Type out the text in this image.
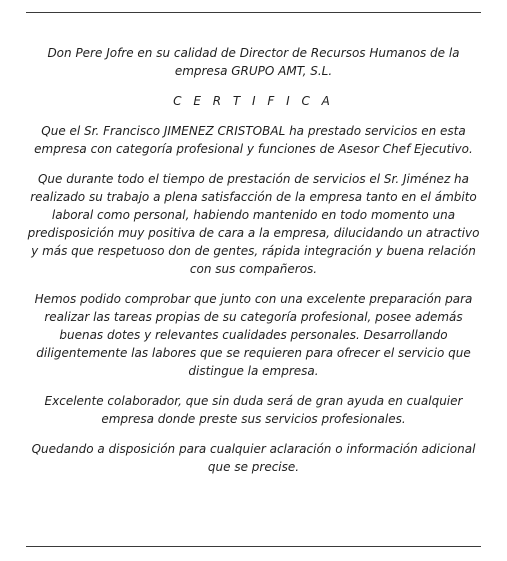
Don Pere Jofre en su calidad de Director de Recursos Humanos de la
empresa GRUPO AMT, S.L.

C E R T I F I C A

Que el Sr. Francisco JIMENEZ CRISTOBAL ha prestado servicios en esta
empresa con categoría profesional y funciones de Asesor Chef Ejecutivo.

Que durante todo el tiempo de prestación de servicios el Sr. Jiménez ha
realizado su trabajo a plena satisfacción de la empresa tanto en el ámbito
laboral como personal, habiendo mantenido en todo momento una
predisposición muy positiva de cara a la empresa, dilucidando un atractivo
y más que respetuoso don de gentes, rápida integración y buena relación
con sus compañeros.

Hemos podido comprobar que junto con una excelente preparación para
realizar las tareas propias de su categoría profesional, posee además
buenas dotes y relevantes cualidades personales. Desarrollando
diligentemente las labores que se requieren para ofrecer el servicio que
distingue la empresa.

Excelente colaborador, que sin duda será de gran ayuda en cualquier
empresa donde preste sus servicios profesionales.

Quedando a disposición para cualquier aclaración o información adicional
que se precise.
